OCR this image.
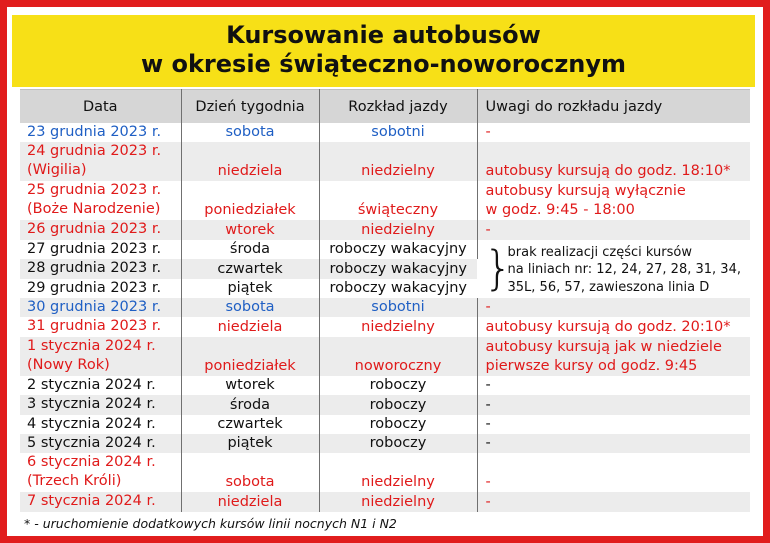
Kursowanie autobusów
w okresie świąteczno-noworocznym
Data	Dzień tygodnia	Rozkład jazdy	Uwagi do rozkładu jazdy
23 grudnia 2023 r.	sobota	sobotni	-
24 grudnia 2023 r.
(Wigilia)	niedziela	niedzielny	autobusy kursują do godz. 18:10*
25 grudnia 2023 r.
(Boże Narodzenie)	poniedziałek	świąteczny	autobusy kursują wyłącznie
w godz. 9:45 - 18:00
26 grudnia 2023 r.	wtorek	niedzielny	-
27 grudnia 2023 r.	środa	roboczy wakacyjny	}
brak realizacji części kursów
na liniach nr: 12, 24, 27, 28, 31, 34,
35L, 56, 57, zawieszona linia D

28 grudnia 2023 r.	czwartek	roboczy wakacyjny	
29 grudnia 2023 r.	piątek	roboczy wakacyjny	
30 grudnia 2023 r.	sobota	sobotni	-
31 grudnia 2023 r.	niedziela	niedzielny	autobusy kursują do godz. 20:10*
1 stycznia 2024 r.
(Nowy Rok)	poniedziałek	noworoczny	autobusy kursują jak w niedziele
pierwsze kursy od godz. 9:45
2 stycznia 2024 r.	wtorek	roboczy	-
3 stycznia 2024 r.	środa	roboczy	-
4 stycznia 2024 r.	czwartek	roboczy	-
5 stycznia 2024 r.	piątek	roboczy	-
6 stycznia 2024 r.
(Trzech Króli)	sobota	niedzielny	-
7 stycznia 2024 r.	niedziela	niedzielny	-
* - uruchomienie dodatkowych kursów linii nocnych N1 i N2
